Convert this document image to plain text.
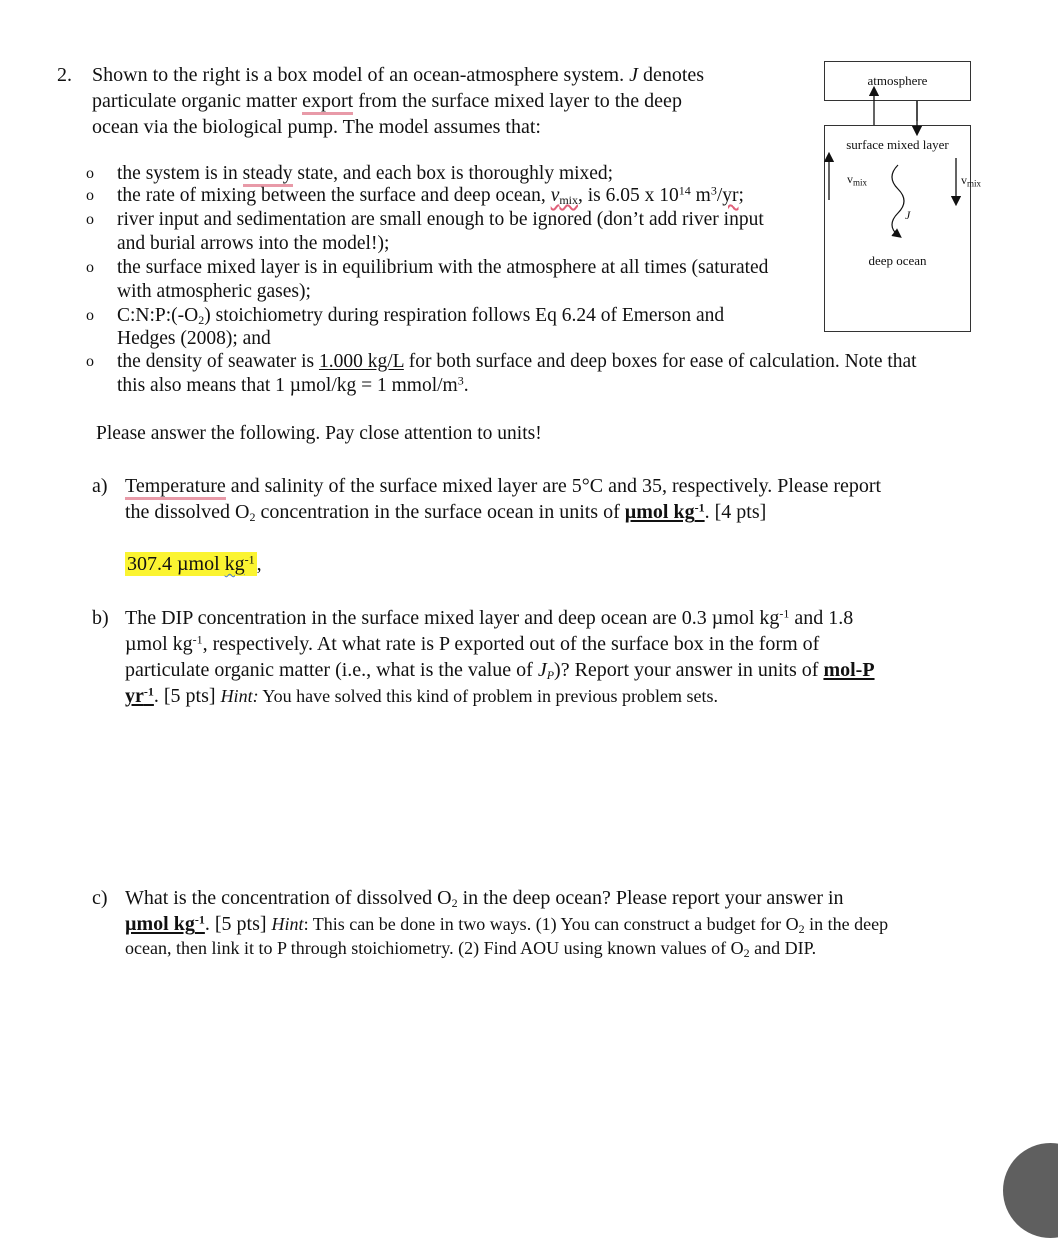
2. Shown to the right is a box model of an ocean-atmosphere system. J denotes
particulate organic matter export from the surface mixed layer to the deep
ocean via the biological pump. The model assumes that:
o the system is in steady state, and each box is thoroughly mixed;
o the rate of mixing between the surface and deep ocean, $v_{mix}$, is 6.05 x $10^{14}$ $m^3/yr$;
o river input and sedimentation are small enough to be ignored (don’t add river input
and burial arrows into the model!);
o the surface mixed layer is in equilibrium with the atmosphere at all times (saturated
with atmospheric gases);
o $C:N:P:(-O_2)$ stoichiometry during respiration follows Eq 6.24 of Emerson and
Hedges (2008); and
o the density of seawater is 1.000 kg/L for both surface and deep boxes for ease of calculation. Note that
this also means that 1 µmol/kg = 1 mmol/$m^3$.
Please answer the following. Pay close attention to units!
a) Temperature and salinity of the surface mixed layer are 5°C and 35, respectively. Please report
the dissolved $O_2$ concentration in the surface ocean in units of µmol $kg^{-1}$. [4 pts]
307.4 µmol $kg^{-1}$ ,
b) The DIP concentration in the surface mixed layer and deep ocean are 0.3 µmol $kg^{-1}$ and 1.8
µmol $kg^{-1}$, respectively. At what rate is P exported out of the surface box in the form of
particulate organic matter (i.e., what is the value of $J_P$)? Report your answer in units of mol-P
$yr^{-1}$. [5 pts] Hint: You have solved this kind of problem in previous problem sets.
c) What is the concentration of dissolved $O_2$ in the deep ocean? Please report your answer in
µmol $kg^{-1}$. [5 pts] Hint: This can be done in two ways. (1) You can construct a budget for $O_2$ in the deep
ocean, then link it to P through stoichiometry. (2) Find AOU using known values of $O_2$ and DIP.
atmosphere
surface mixed layer
deep ocean
$v_{mix}$
J
$v_{mix}$
